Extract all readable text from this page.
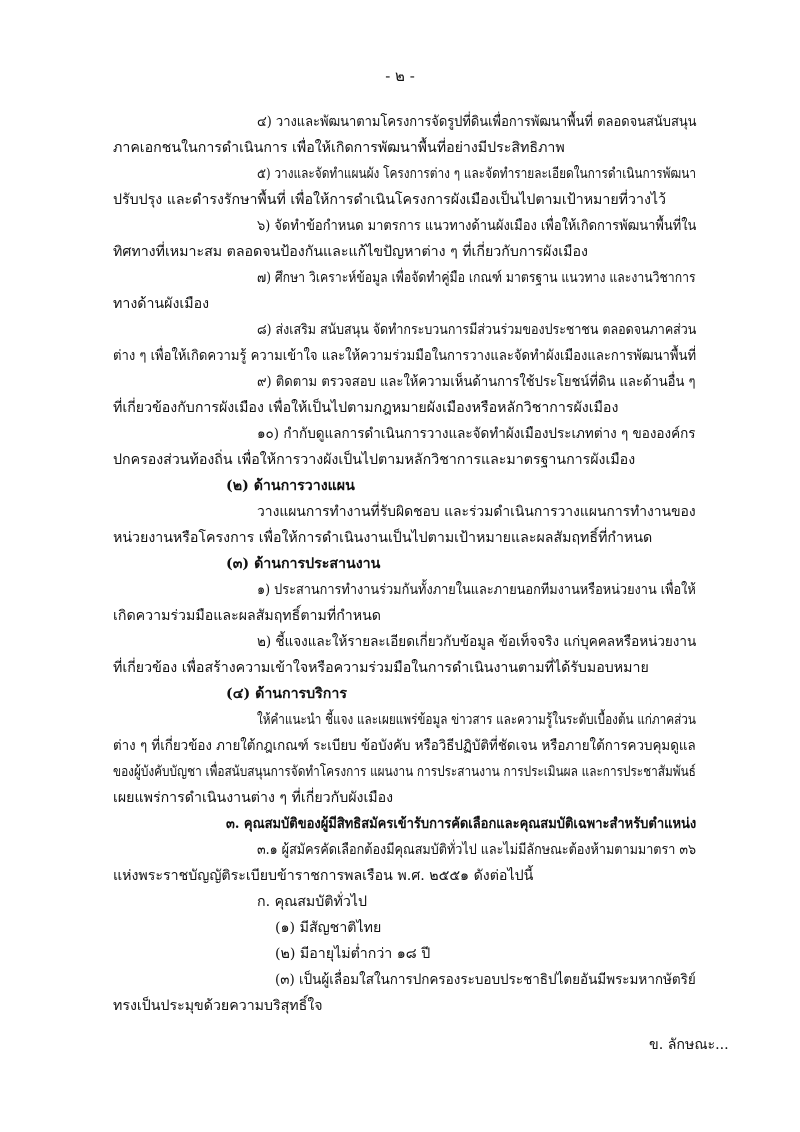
- ๒ -
๔) วางและพัฒนาตามโครงการจัดรูปที่ดินเพื่อการพัฒนาพื้นที่ ตลอดจนสนับสนุน
ภาคเอกชนในการดำเนินการ เพื่อให้เกิดการพัฒนาพื้นที่อย่างมีประสิทธิภาพ
๕) วางและจัดทำแผนผัง โครงการต่าง ๆ และจัดทำรายละเอียดในการดำเนินการพัฒนา
ปรับปรุง และดำรงรักษาพื้นที่ เพื่อให้การดำเนินโครงการผังเมืองเป็นไปตามเป้าหมายที่วางไว้
๖) จัดทำข้อกำหนด มาตรการ แนวทางด้านผังเมือง เพื่อให้เกิดการพัฒนาพื้นที่ใน
ทิศทางที่เหมาะสม ตลอดจนป้องกันและแก้ไขปัญหาต่าง ๆ ที่เกี่ยวกับการผังเมือง
๗) ศึกษา วิเคราะห์ข้อมูล เพื่อจัดทำคู่มือ เกณฑ์ มาตรฐาน แนวทาง และงานวิชาการ
ทางด้านผังเมือง
๘) ส่งเสริม สนับสนุน จัดทำกระบวนการมีส่วนร่วมของประชาชน ตลอดจนภาคส่วน
ต่าง ๆ เพื่อให้เกิดความรู้ ความเข้าใจ และให้ความร่วมมือในการวางและจัดทำผังเมืองและการพัฒนาพื้นที่
๙) ติดตาม ตรวจสอบ และให้ความเห็นด้านการใช้ประโยชน์ที่ดิน และด้านอื่น ๆ
ที่เกี่ยวข้องกับการผังเมือง เพื่อให้เป็นไปตามกฎหมายผังเมืองหรือหลักวิชาการผังเมือง
๑๐) กำกับดูแลการดำเนินการวางและจัดทำผังเมืองประเภทต่าง ๆ ขององค์กร
ปกครองส่วนท้องถิ่น เพื่อให้การวางผังเป็นไปตามหลักวิชาการและมาตรฐานการผังเมือง
(๒) ด้านการวางแผน
วางแผนการทำงานที่รับผิดชอบ และร่วมดำเนินการวางแผนการทำงานของ
หน่วยงานหรือโครงการ เพื่อให้การดำเนินงานเป็นไปตามเป้าหมายและผลสัมฤทธิ์ที่กำหนด
(๓) ด้านการประสานงาน
๑) ประสานการทำงานร่วมกันทั้งภายในและภายนอกทีมงานหรือหน่วยงาน เพื่อให้
เกิดความร่วมมือและผลสัมฤทธิ์ตามที่กำหนด
๒) ชี้แจงและให้รายละเอียดเกี่ยวกับข้อมูล ข้อเท็จจริง แก่บุคคลหรือหน่วยงาน
ที่เกี่ยวข้อง เพื่อสร้างความเข้าใจหรือความร่วมมือในการดำเนินงานตามที่ได้รับมอบหมาย
(๔) ด้านการบริการ
ให้คำแนะนำ ชี้แจง และเผยแพร่ข้อมูล ข่าวสาร และความรู้ในระดับเบื้องต้น แก่ภาคส่วน
ต่าง ๆ ที่เกี่ยวข้อง ภายใต้กฎเกณฑ์ ระเบียบ ข้อบังคับ หรือวิธีปฏิบัติที่ชัดเจน หรือภายใต้การควบคุมดูแล
ของผู้บังคับบัญชา เพื่อสนับสนุนการจัดทำโครงการ แผนงาน การประสานงาน การประเมินผล และการประชาสัมพันธ์
เผยแพร่การดำเนินงานต่าง ๆ ที่เกี่ยวกับผังเมือง
๓. คุณสมบัติของผู้มีสิทธิสมัครเข้ารับการคัดเลือกและคุณสมบัติเฉพาะสำหรับตำแหน่ง
๓.๑ ผู้สมัครคัดเลือกต้องมีคุณสมบัติทั่วไป และไม่มีลักษณะต้องห้ามตามมาตรา ๓๖
แห่งพระราชบัญญัติระเบียบข้าราชการพลเรือน พ.ศ. ๒๕๕๑ ดังต่อไปนี้
ก. คุณสมบัติทั่วไป
(๑) มีสัญชาติไทย
(๒) มีอายุไม่ต่ำกว่า ๑๘ ปี
(๓) เป็นผู้เลื่อมใสในการปกครองระบอบประชาธิปไตยอันมีพระมหากษัตริย์
ทรงเป็นประมุขด้วยความบริสุทธิ์ใจ
ข. ลักษณะ...
